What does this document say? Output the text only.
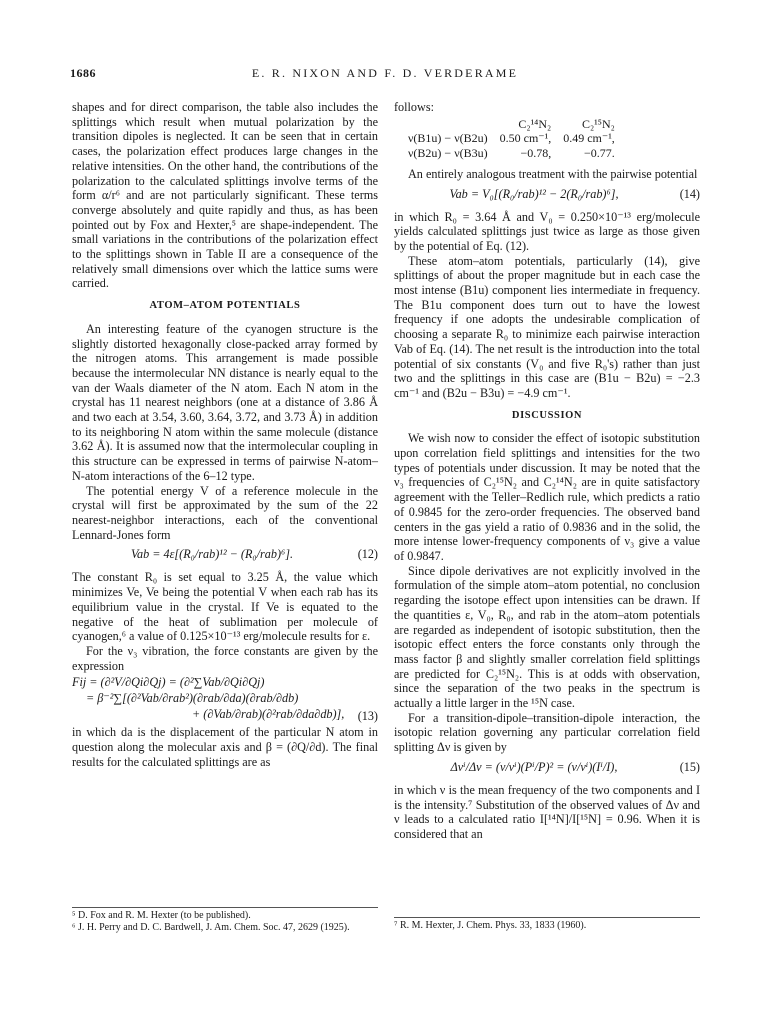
E. R. NIXON AND F. D. VERDERAME
1686

shapes and for direct comparison, the table also includes the splittings which result when mutual polarization by the transition dipoles is neglected. It can be seen that in certain cases, the polarization effect produces large changes in the relative intensities. On the other hand, the contributions of the polarization to the calculated splittings involve terms of the form α/r⁶ and are not particularly significant. These terms converge absolutely and quite rapidly and thus, as has been pointed out by Fox and Hexter,⁵ are shape-independent. The small variations in the contributions of the polarization effect to the splittings shown in Table II are a consequence of the relatively small dimensions over which the lattice sums were carried.

ATOM–ATOM POTENTIALS

An interesting feature of the cyanogen structure is the slightly distorted hexagonally close-packed array formed by the nitrogen atoms. This arrangement is made possible because the intermolecular NN distance is nearly equal to the van der Waals diameter of the N atom. Each N atom in the crystal has 11 nearest neighbors (one at a distance of 3.86 Å and two each at 3.54, 3.60, 3.64, 3.72, and 3.73 Å) in addition to its neighboring N atom within the same molecule (distance 3.62 Å). It is assumed now that the intermolecular coupling in this structure can be expressed in terms of pairwise N-atom–N-atom interactions of the 6–12 type.

The potential energy V of a reference molecule in the crystal will first be approximated by the sum of the 22 nearest-neighbor interactions, each of the conventional Lennard-Jones form

Vab = 4ε[(R₀/rab)¹² − (R₀/rab)⁶].	(12)

The constant R₀ is set equal to 3.25 Å, the value which minimizes Ve, Ve being the potential V when each rab has its equilibrium value in the crystal. If Ve is equated to the negative of the heat of sublimation per molecule of cyanogen,⁶ a value of 0.125×10⁻¹³ erg/molecule results for ε.

For the ν₃ vibration, the force constants are given by the expression

Fij = (∂²V/∂Qi∂Qj) = (∂²∑Vab/∂Qi∂Qj)
= β⁻²∑[(∂²Vab/∂rab²)(∂rab/∂da)(∂rab/∂db)
+ (∂Vab/∂rab)(∂²rab/∂da∂db)],	(13)

in which da is the displacement of the particular N atom in question along the molecular axis and β = (∂Q/∂d). The final results for the calculated splittings are as

follows:

	C₂¹⁴N₂	C₂¹⁵N₂
ν(B1u) − ν(B2u)	0.50 cm⁻¹,	0.49 cm⁻¹,
ν(B2u) − ν(B3u)	−0.78,	−0.77.

An entirely analogous treatment with the pairwise potential

Vab = V₀[(R₀/rab)¹² − 2(R₀/rab)⁶],	(14)

in which R₀ = 3.64 Å and V₀ = 0.250×10⁻¹³ erg/molecule yields calculated splittings just twice as large as those given by the potential of Eq. (12).

These atom–atom potentials, particularly (14), give splittings of about the proper magnitude but in each case the most intense (B1u) component lies intermediate in frequency. The B1u component does turn out to have the lowest frequency if one adopts the undesirable complication of choosing a separate R₀ to minimize each pairwise interaction Vab of Eq. (14). The net result is the introduction into the total potential of six constants (V₀ and five R₀'s) rather than just two and the splittings in this case are (B1u − B2u) = −2.3 cm⁻¹ and (B2u − B3u) = −4.9 cm⁻¹.

DISCUSSION

We wish now to consider the effect of isotopic substitution upon correlation field splittings and intensities for the two types of potentials under discussion. It may be noted that the ν₃ frequencies of C₂¹⁵N₂ and C₂¹⁴N₂ are in quite satisfactory agreement with the Teller–Redlich rule, which predicts a ratio of 0.9845 for the zero-order frequencies. The observed band centers in the gas yield a ratio of 0.9836 and in the solid, the more intense lower-frequency components of ν₃ give a value of 0.9847.

Since dipole derivatives are not explicitly involved in the formulation of the simple atom–atom potential, no conclusion regarding the isotope effect upon intensities can be drawn. If the quantities ε, V₀, R₀, and rab in the atom–atom potentials are regarded as independent of isotopic substitution, then the isotopic effect enters the force constants only through the mass factor β and slightly smaller correlation field splittings are predicted for C₂¹⁵N₂. This is at odds with observation, since the separation of the two peaks in the spectrum is actually a little larger in the ¹⁵N case.

For a transition-dipole–transition-dipole interaction, the isotopic relation governing any particular correlation field splitting Δν is given by

Δνⁱ/Δν = (ν/νⁱ)(Pⁱ/P)² = (ν/νⁱ)(Iⁱ/I),	(15)

in which ν is the mean frequency of the two components and I is the intensity.⁷ Substitution of the observed values of Δν and ν leads to a calculated ratio I[¹⁴N]/I[¹⁵N] = 0.96. When it is considered that an

⁵ D. Fox and R. M. Hexter (to be published).

⁶ J. H. Perry and D. C. Bardwell, J. Am. Chem. Soc. 47, 2629 (1925).	⁷ R. M. Hexter, J. Chem. Phys. 33, 1833 (1960).
